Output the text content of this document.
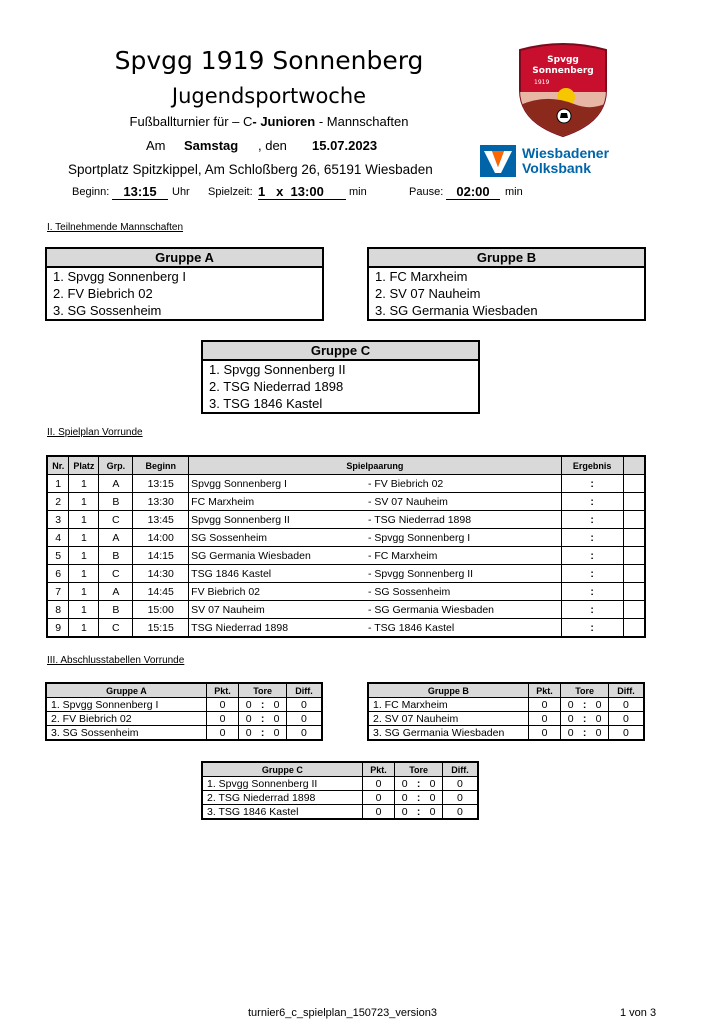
Spvgg 1919 Sonnenberg
Jugendsportwoche
Fußballturnier für – C- Junioren - Mannschaften
Am Samstag , den 15.07.2023
Sportplatz Spitzkippel, Am Schloßberg 26, 65191 Wiesbaden
Beginn:	13:15	Uhr Spielzeit: 1 x 13:00	min	Pause:	02:00	min
Spvgg
Sonnenberg
1919
Wiesbadener
Volksbank
I. Teilnehmende Mannschaften
Gruppe A
1. Spvgg Sonnenberg I
2. FV Biebrich 02
3. SG Sossenheim
Gruppe B
1. FC Marxheim
2. SV 07 Nauheim
3. SG Germania Wiesbaden
Gruppe C
1. Spvgg Sonnenberg II
2. TSG Niederrad 1898
3. TSG 1846 Kastel
II. Spielplan Vorrunde
Nr.	Platz	Grp.	Beginn	Spielpaarung		Ergebnis	
1	1	A	13:15	Spvgg Sonnenberg I	- FV Biebrich 02	:	
2	1	B	13:30	FC Marxheim	- SV 07 Nauheim	:	
3	1	C	13:45	Spvgg Sonnenberg II	- TSG Niederrad 1898	:	
4	1	A	14:00	SG Sossenheim	- Spvgg Sonnenberg I	:	
5	1	B	14:15	SG Germania Wiesbaden	- FC Marxheim	:	
6	1	C	14:30	TSG 1846 Kastel	- Spvgg Sonnenberg II	:	
7	1	A	14:45	FV Biebrich 02	- SG Sossenheim	:	
8	1	B	15:00	SV 07 Nauheim	- SG Germania Wiesbaden	:	
9	1	C	15:15	TSG Niederrad 1898	- TSG 1846 Kastel	:	
III. Abschlusstabellen Vorrunde
Gruppe A	Pkt.	Tore			Diff.
1. Spvgg Sonnenberg I	0	0	:	0	0
2. FV Biebrich 02	0	0	:	0	0
3. SG Sossenheim	0	0	:	0	0
Gruppe B	Pkt.	Tore			Diff.
1. FC Marxheim	0	0	:	0	0
2. SV 07 Nauheim	0	0	:	0	0
3. SG Germania Wiesbaden	0	0	:	0	0
Gruppe C	Pkt.	Tore			Diff.
1. Spvgg Sonnenberg II	0	0	:	0	0
2. TSG Niederrad 1898	0	0	:	0	0
3. TSG 1846 Kastel	0	0	:	0	0
turnier6_c_spielplan_150723_version3	1 von 3
